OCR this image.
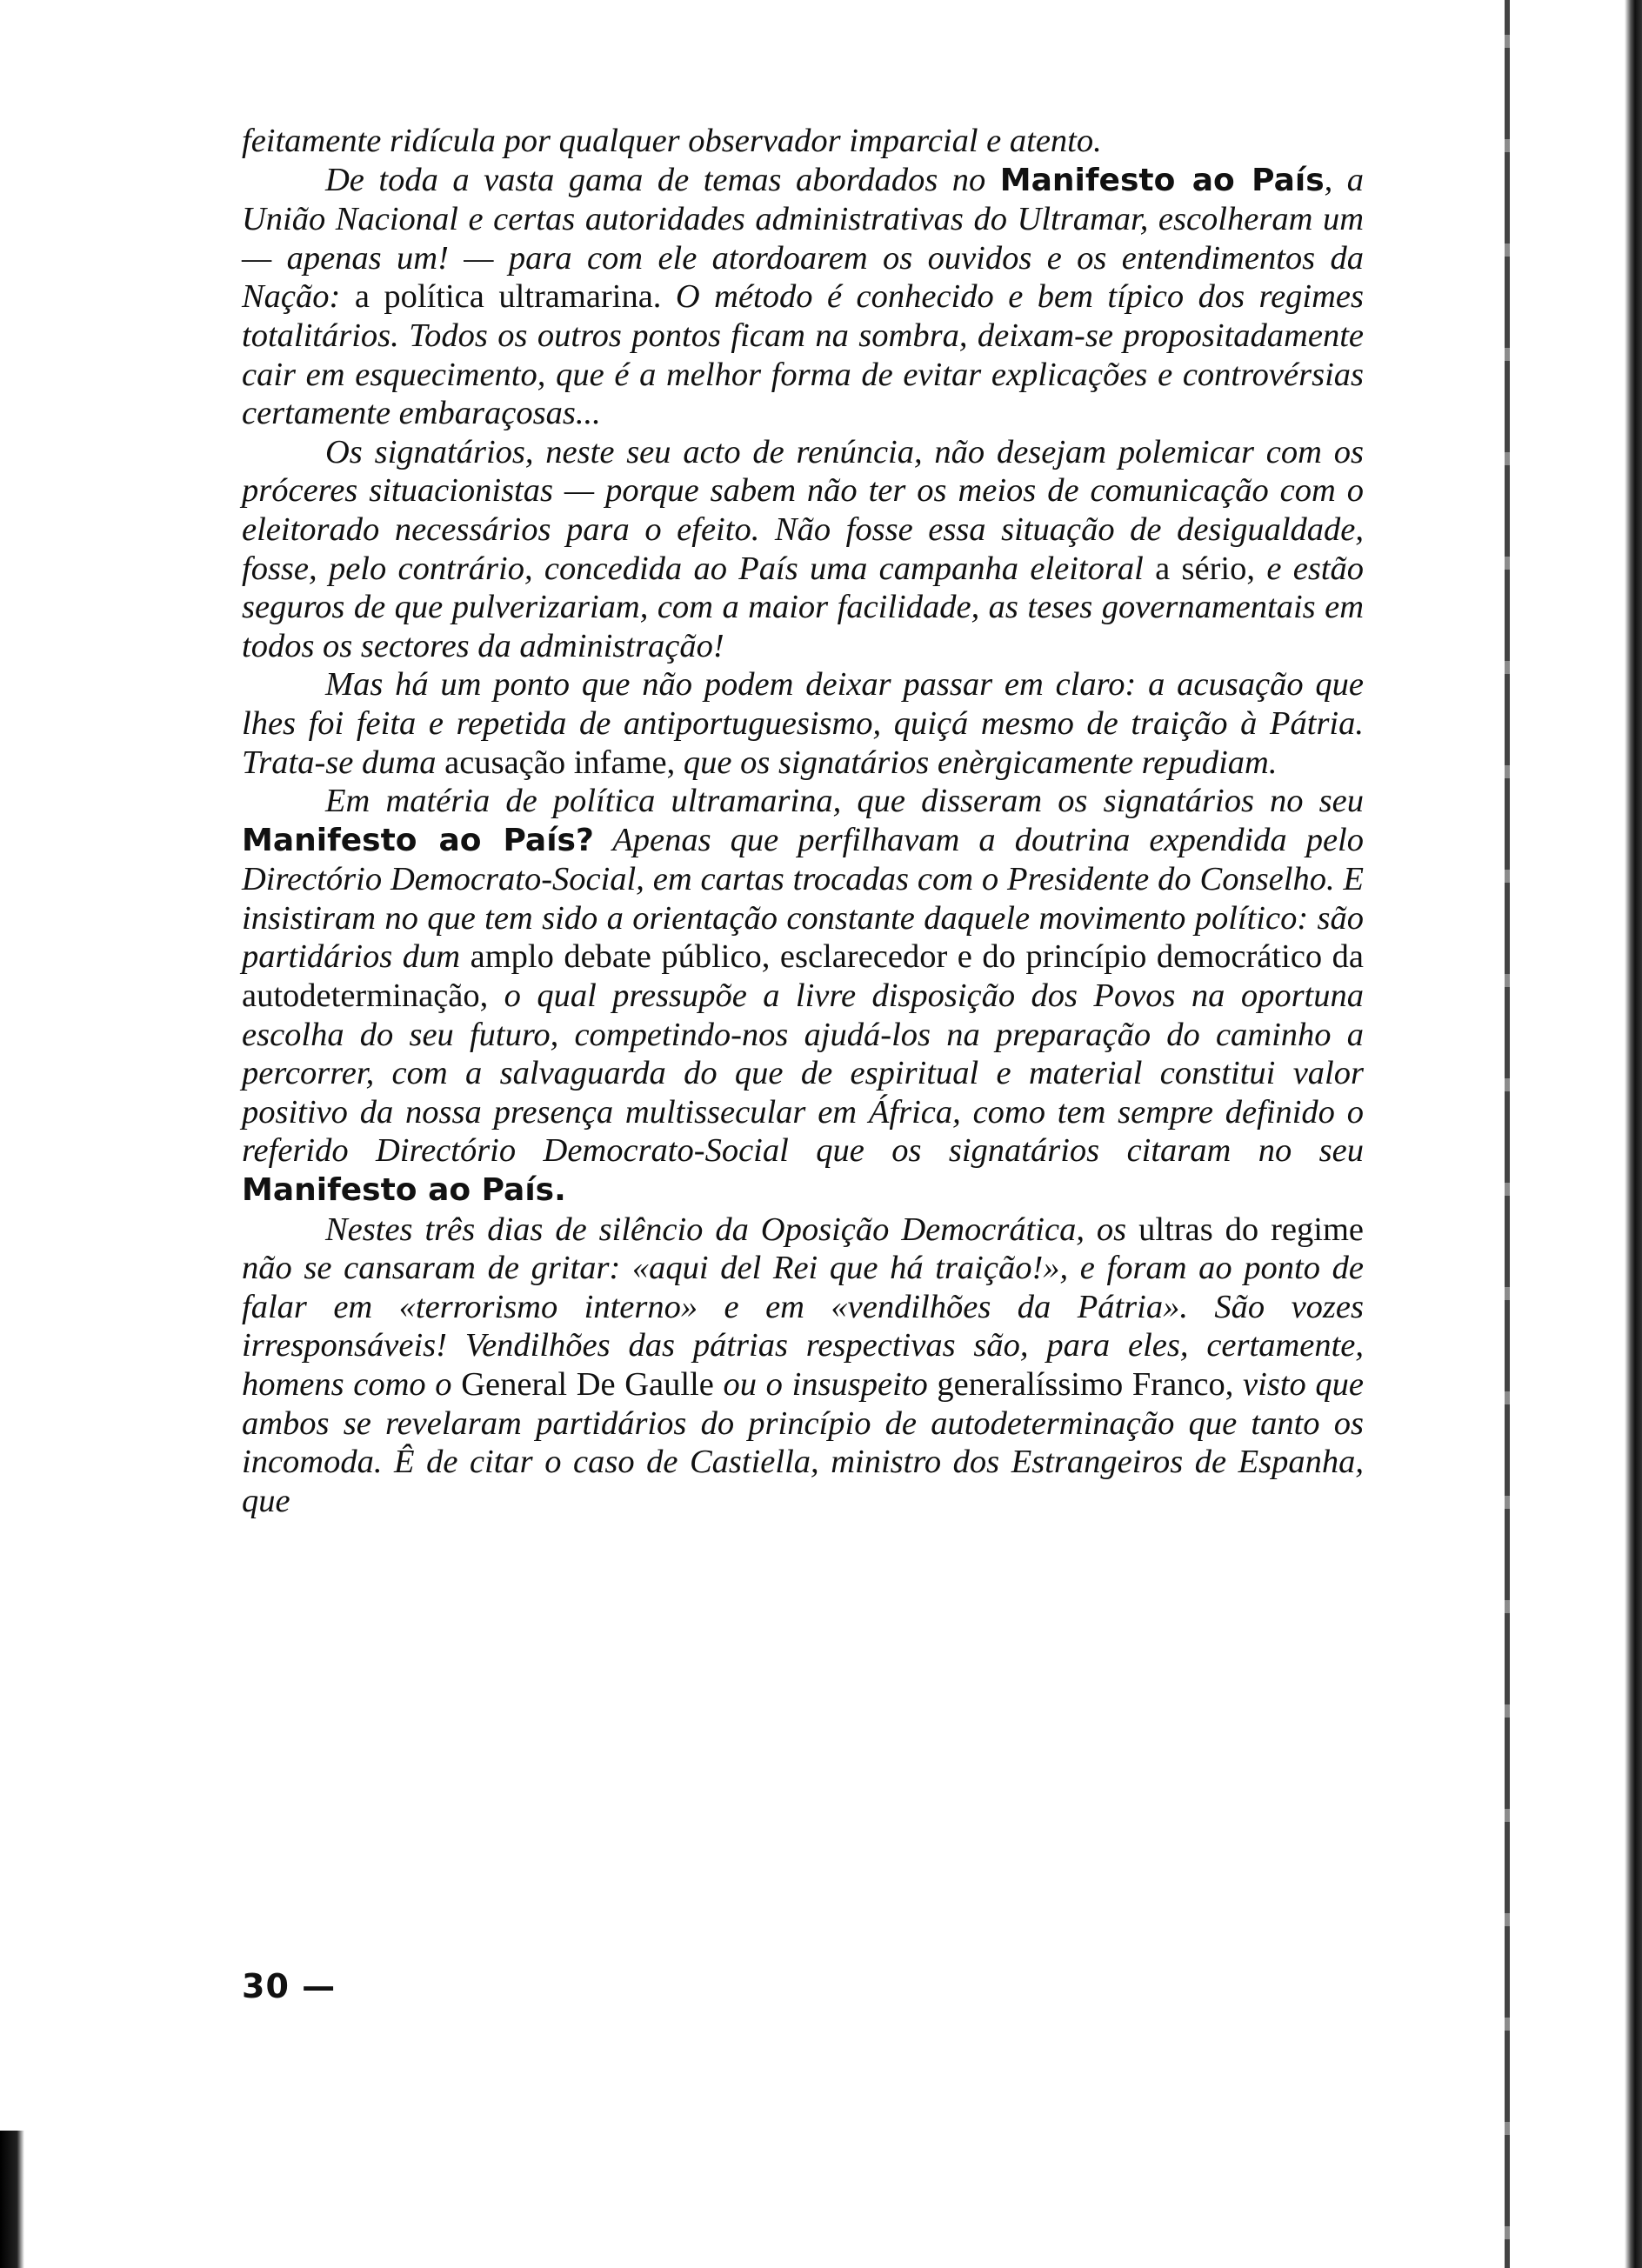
feitamente ridícula por qualquer observador imparcial e atento.

De toda a vasta gama de temas abordados no Manifesto ao País, a União Nacional e certas autoridades administrativas do Ultramar, escolheram um — apenas um! — para com ele atordoarem os ouvidos e os entendimentos da Nação: a política ultramarina. O método é conhecido e bem típico dos regimes totalitários. Todos os outros pontos ficam na sombra, deixam-se propositadamente cair em esquecimento, que é a melhor forma de evitar explicações e controvérsias certamente embaraçosas...

Os signatários, neste seu acto de renúncia, não desejam polemicar com os próceres situacionistas — porque sabem não ter os meios de comunicação com o eleitorado necessários para o efeito. Não fosse essa situação de desigualdade, fosse, pelo contrário, concedida ao País uma campanha eleitoral a sério, e estão seguros de que pulverizariam, com a maior facilidade, as teses governamentais em todos os sectores da administração!

Mas há um ponto que não podem deixar passar em claro: a acusação que lhes foi feita e repetida de antiportuguesismo, quiçá mesmo de traição à Pátria. Trata-se duma acusação infame, que os signatários enèrgicamente repudiam.

Em matéria de política ultramarina, que disseram os signatários no seu Manifesto ao País? Apenas que perfilhavam a doutrina expendida pelo Directório Democrato-Social, em cartas trocadas com o Presidente do Conselho. E insistiram no que tem sido a orientação constante daquele movimento político: são partidários dum amplo debate público, esclarecedor e do princípio democrático da autodeterminação, o qual pressupõe a livre disposição dos Povos na oportuna escolha do seu futuro, competindo-nos ajudá-los na preparação do caminho a percorrer, com a salvaguarda do que de espiritual e material constitui valor positivo da nossa presença multissecular em África, como tem sempre definido o referido Directório Democrato-Social que os signatários citaram no seu Manifesto ao País.

Nestes três dias de silêncio da Oposição Democrática, os ultras do regime não se cansaram de gritar: «aqui del Rei que há traição!», e foram ao ponto de falar em «terrorismo interno» e em «vendilhões da Pátria». São vozes irresponsáveis! Vendilhões das pátrias respectivas são, para eles, certamente, homens como o General De Gaulle ou o insuspeito generalíssimo Franco, visto que ambos se revelaram partidários do princípio de autodeterminação que tanto os incomoda. Ê de citar o caso de Castiella, ministro dos Estrangeiros de Espanha, que

30 —
